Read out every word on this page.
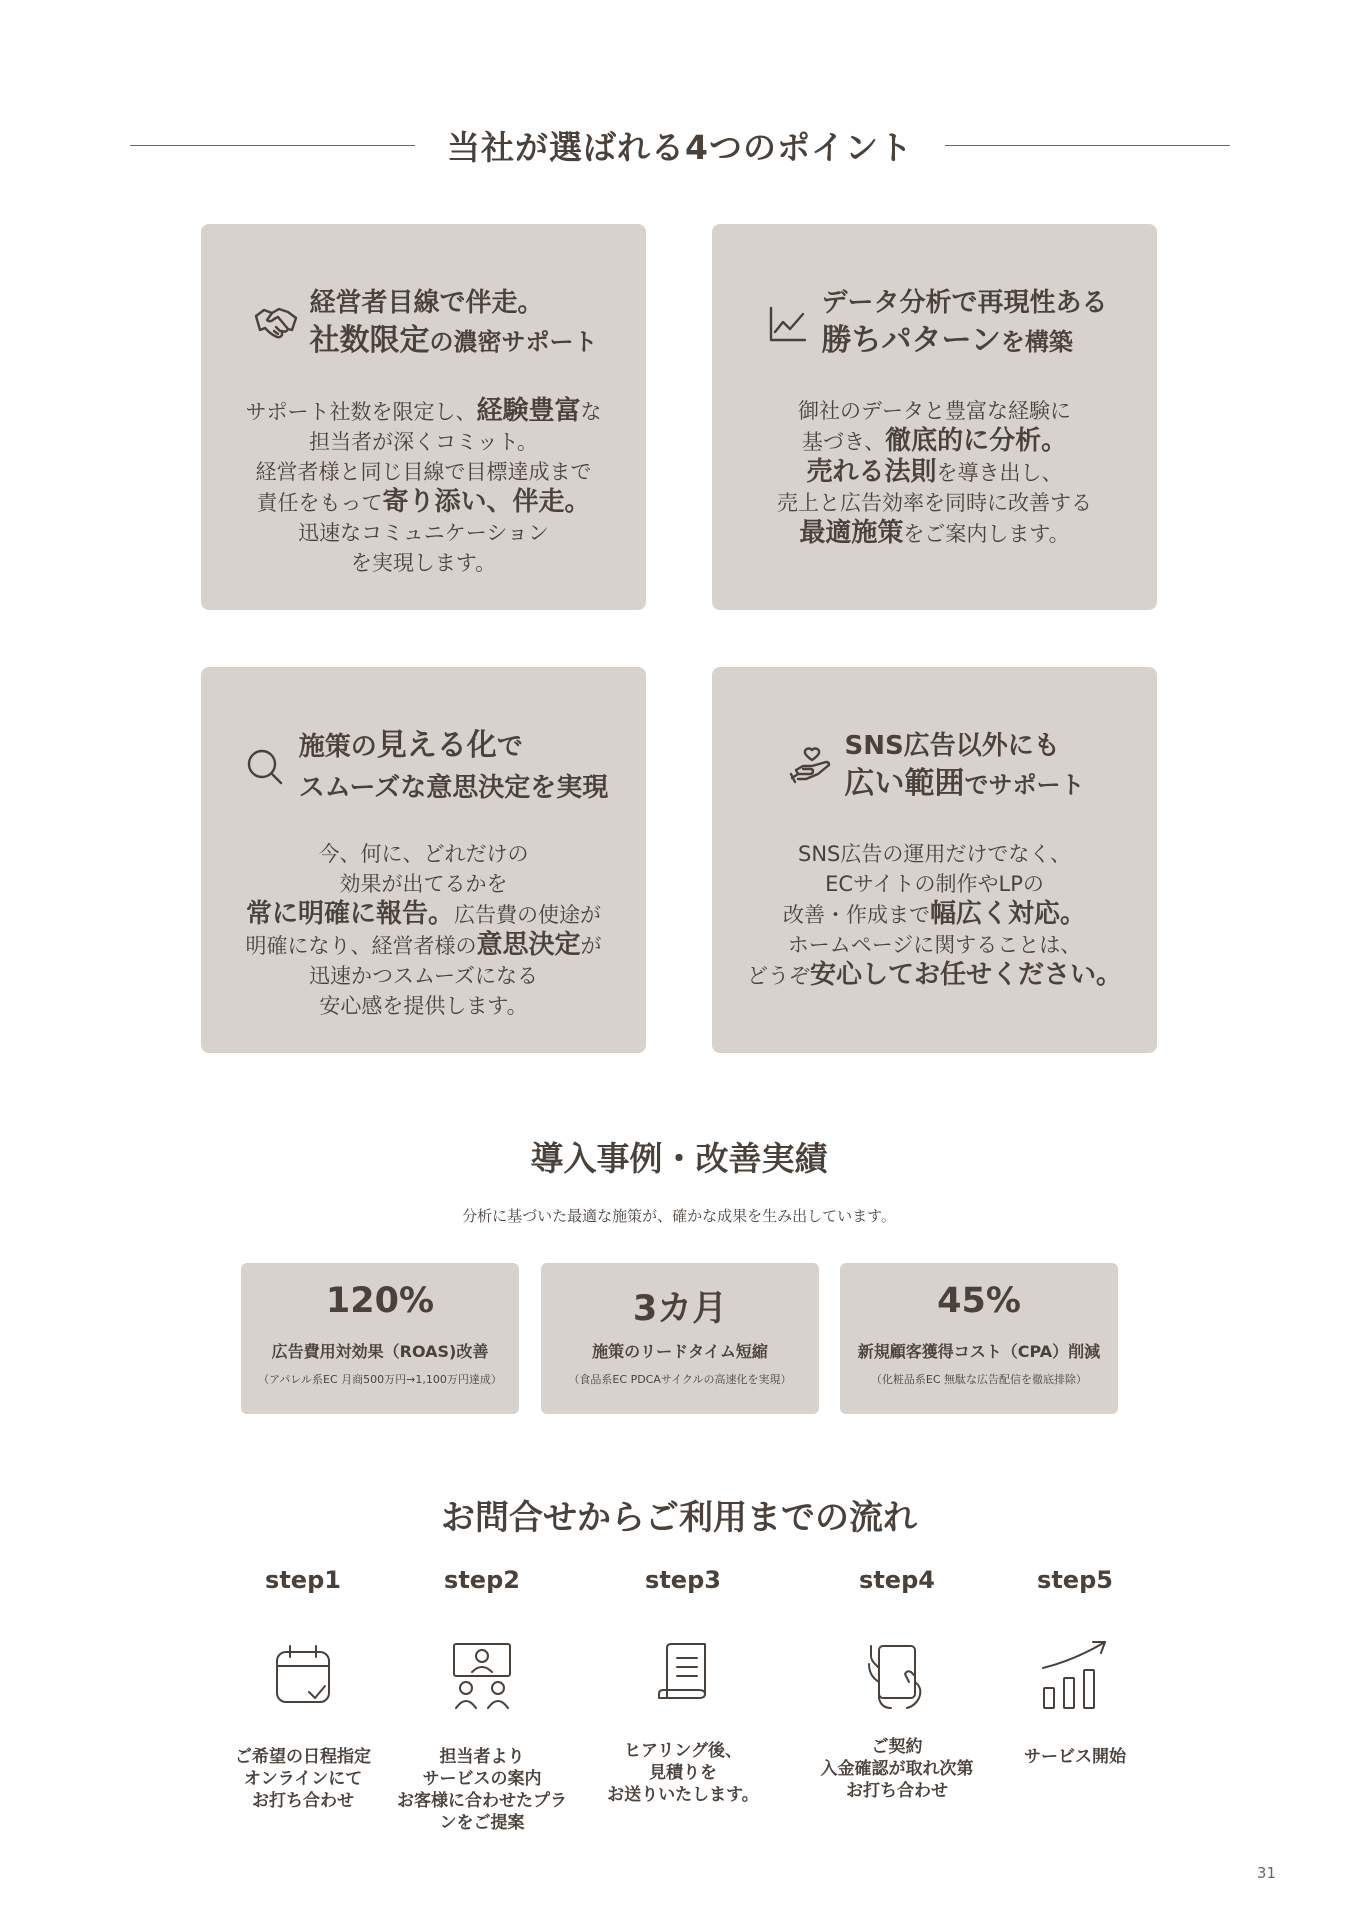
当社が選ばれる4つのポイント
経営者目線で伴走。
社数限定の濃密サポート
サポート社数を限定し、経験豊富な
担当者が深くコミット。
経営者様と同じ目線で目標達成まで
責任をもって寄り添い、伴走。
迅速なコミュニケーション
を実現します。
データ分析で再現性ある
勝ちパターンを構築
御社のデータと豊富な経験に
基づき、徹底的に分析。
売れる法則を導き出し、
売上と広告効率を同時に改善する
最適施策をご案内します。
施策の見える化で
スムーズな意思決定を実現
今、何に、どれだけの
効果が出てるかを
常に明確に報告。広告費の使途が
明確になり、経営者様の意思決定が
迅速かつスムーズになる
安心感を提供します。
SNS広告以外にも
広い範囲でサポート
SNS広告の運用だけでなく、
ECサイトの制作やLPの
改善・作成まで幅広く対応。
ホームページに関することは、
どうぞ安心してお任せください。
導入事例・改善実績
分析に基づいた最適な施策が、確かな成果を生み出しています。
120%
広告費用対効果（ROAS)改善
（アパレル系EC 月商500万円→1,100万円達成）
3カ月
施策のリードタイム短縮
（食品系EC PDCAサイクルの高速化を実現）
45%
新規顧客獲得コスト（CPA）削減
（化粧品系EC 無駄な広告配信を徹底排除）
お問合せからご利用までの流れ
step1
ご希望の日程指定
オンラインにて
お打ち合わせ
step2
担当者より
サービスの案内
お客様に合わせたプラ
ンをご提案
step3
ヒアリング後、
見積りを
お送りいたします。
step4
ご契約
入金確認が取れ次第
お打ち合わせ
step5
サービス開始
31
